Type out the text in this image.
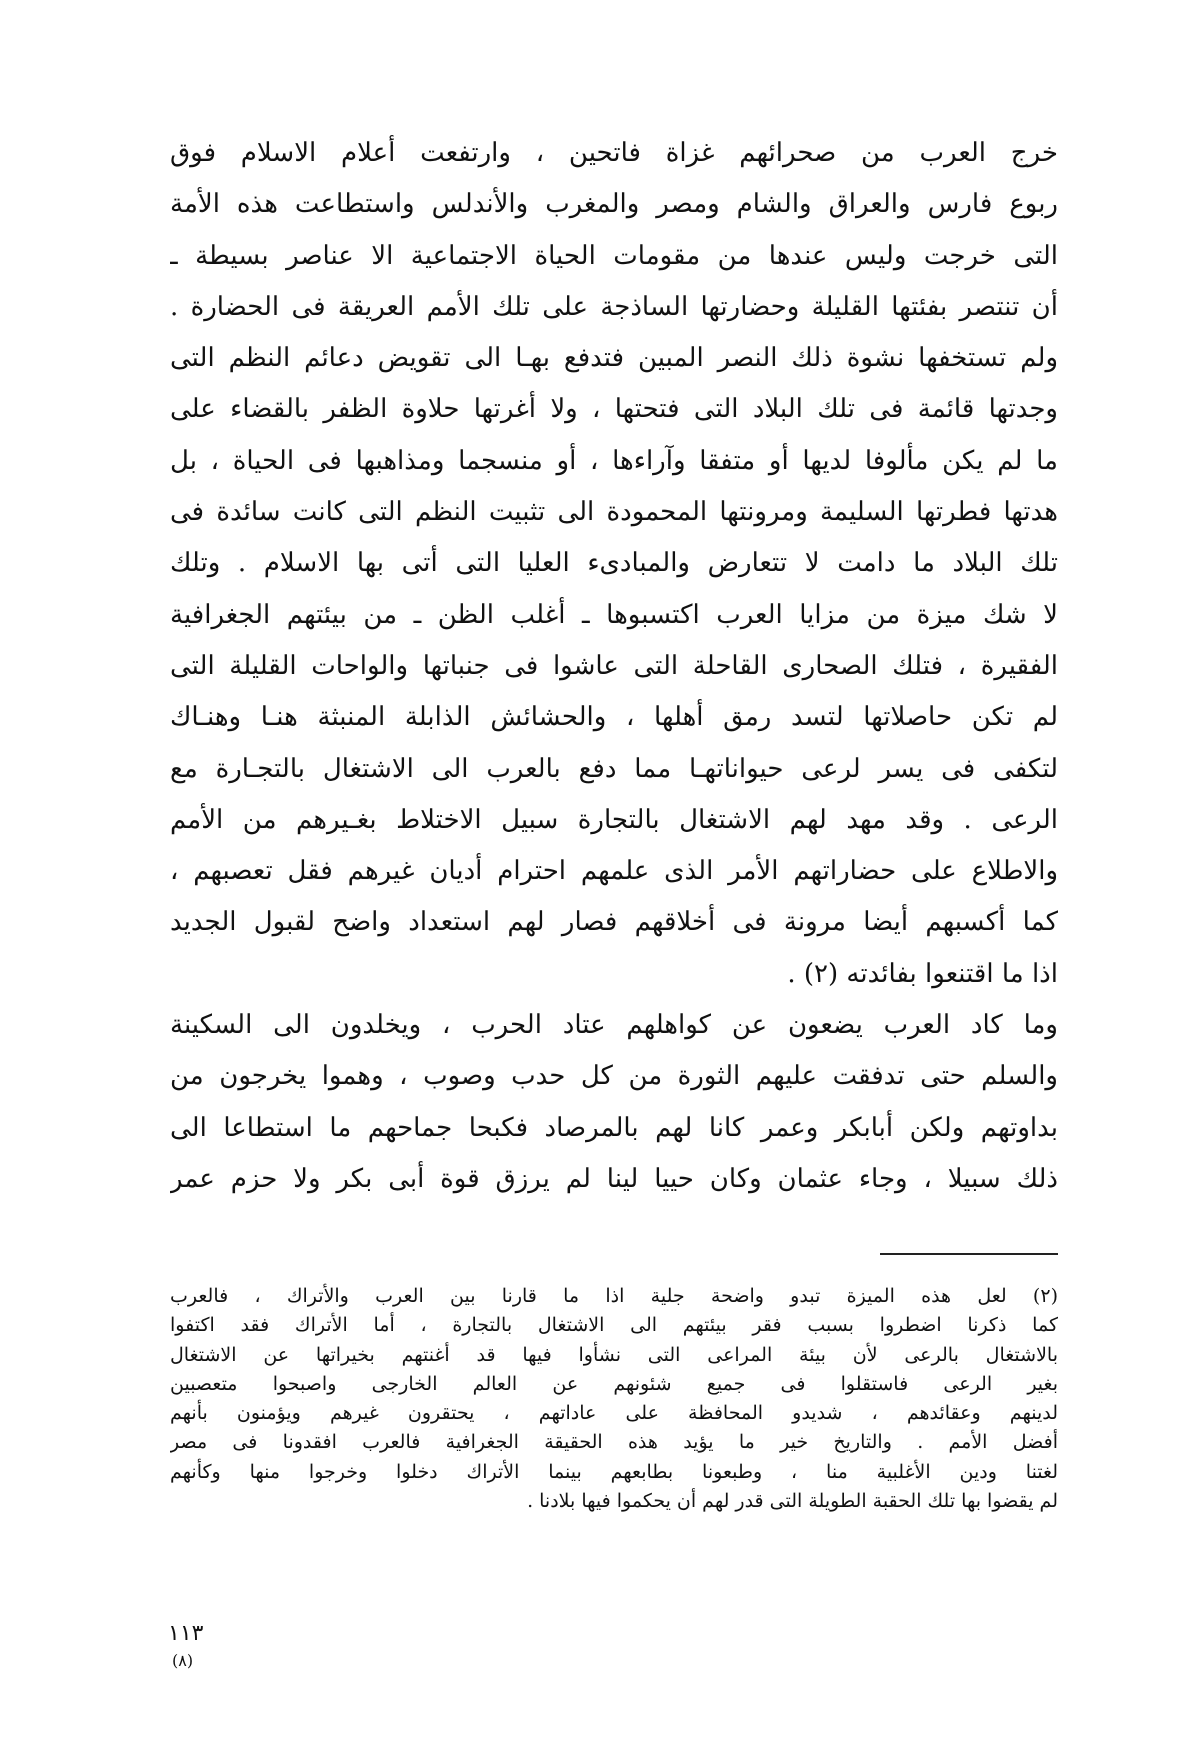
خرج العرب من صحرائهم غزاة فاتحين ، وارتفعت أعلام الاسلام فوق
ربوع فارس والعراق والشام ومصر والمغرب والأندلس واستطاعت هذه الأمة
التى خرجت وليس عندها من مقومات الحياة الاجتماعية الا عناصر بسيطة ـ
أن تنتصر بفئتها القليلة وحضارتها الساذجة على تلك الأمم العريقة فى الحضارة .
ولم تستخفها نشوة ذلك النصر المبين فتدفع بهـا الى تقويض دعائم النظم التى
وجدتها قائمة فى تلك البلاد التى فتحتها ، ولا أغرتها حلاوة الظفر بالقضاء على
ما لم يكن مألوفا لديها أو متفقا وآراءها ، أو منسجما ومذاهبها فى الحياة ، بل
هدتها فطرتها السليمة ومرونتها المحمودة الى تثبيت النظم التى كانت سائدة فى
تلك البلاد ما دامت لا تتعارض والمبادىء العليا التى أتى بها الاسلام . وتلك
لا شك ميزة من مزايا العرب اكتسبوها ـ أغلب الظن ـ من بيئتهم الجغرافية
الفقيرة ، فتلك الصحارى القاحلة التى عاشوا فى جنباتها والواحات القليلة التى
لم تكن حاصلاتها لتسد رمق أهلها ، والحشائش الذابلة المنبثة هنـا وهنـاك
لتكفى فى يسر لرعى حيواناتهـا مما دفع بالعرب الى الاشتغال بالتجـارة مع
الرعى . وقد مهد لهم الاشتغال بالتجارة سبيل الاختلاط بغـيرهم من الأمم
والاطلاع على حضاراتهم الأمر الذى علمهم احترام أديان غيرهم فقل تعصبهم ،
كما أكسبهم أيضا مرونة فى أخلاقهم فصار لهم استعداد واضح لقبول الجديد
اذا ما اقتنعوا بفائدته (٢) .
وما كاد العرب يضعون عن كواهلهم عتاد الحرب ، ويخلدون الى السكينة
والسلم حتى تدفقت عليهم الثورة من كل حدب وصوب ، وهموا يخرجون من
بداوتهم ولكن أبابكر وعمر كانا لهم بالمرصاد فكبحا جماحهم ما استطاعا الى
ذلك سبيلا ، وجاء عثمان وكان حييا لينا لم يرزق قوة أبى بكر ولا حزم عمر
(٢) لعل هذه الميزة تبدو واضحة جلية اذا ما قارنا بين العرب والأتراك ، فالعرب
كما ذكرنا اضطروا بسبب فقر بيئتهم الى الاشتغال بالتجارة ، أما الأتراك فقد اكتفوا
بالاشتغال بالرعى لأن بيئة المراعى التى نشأوا فيها قد أغنتهم بخيراتها عن الاشتغال
بغير الرعى فاستقلوا فى جميع شئونهم عن العالم الخارجى واصبحوا متعصبين
لدينهم وعقائدهم ، شديدو المحافظة على عاداتهم ، يحتقرون غيرهم ويؤمنون بأنهم
أفضل الأمم . والتاريخ خير ما يؤيد هذه الحقيقة الجغرافية فالعرب افقدونا فى مصر
لغتنا ودين الأغلبية منا ، وطبعونا بطابعهم بينما الأتراك دخلوا وخرجوا منها وكأنهم
لم يقضوا بها تلك الحقبة الطويلة التى قدر لهم أن يحكموا فيها بلادنا .
١١٣
(٨)
